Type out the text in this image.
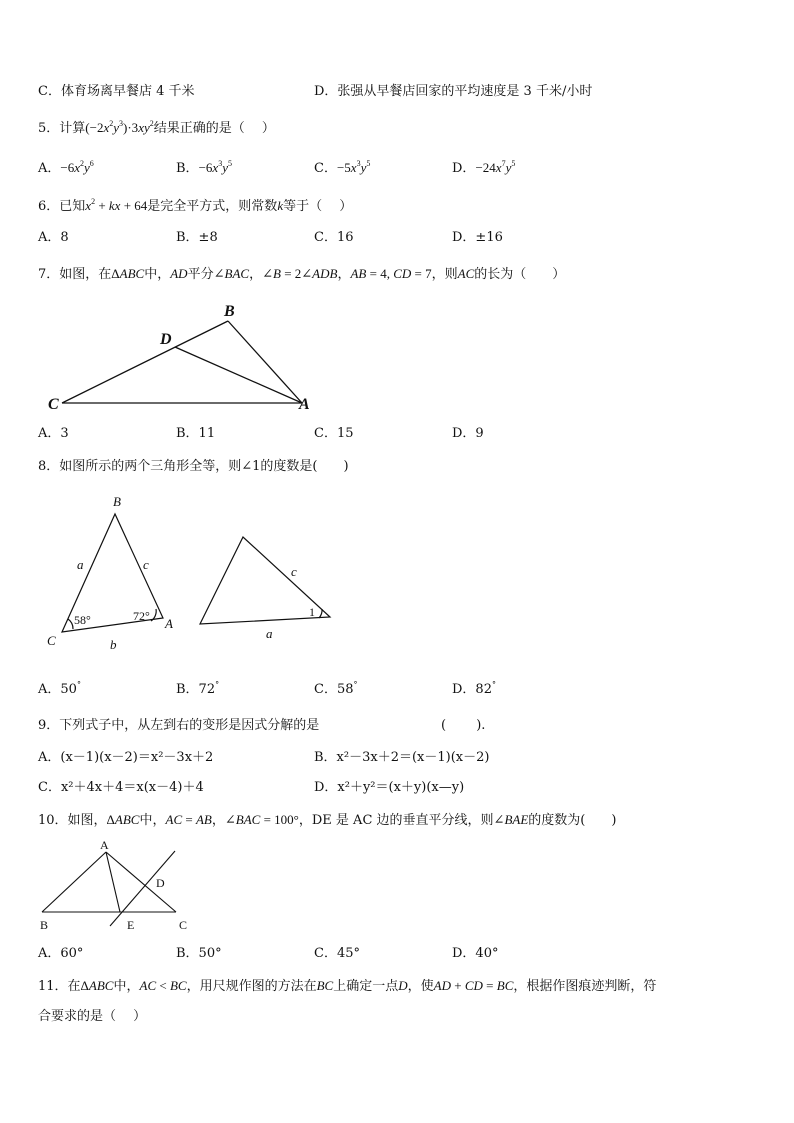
C．体育场离早餐店 4 千米	D．张强从早餐店回家的平均速度是 3 千米/小时
5．计算$(-2x^2y^3)\cdot 3xy^2$结果正确的是（　 ）
A．$-6x^2y^6$	B．$-6x^3y^5$	C．$-5x^3y^5$	D．$-24x^7y^5$
6．已知$x^2$ + kx + 64是完全平方式，则常数k等于（　 ）
A．8	B．±8	C．16	D．±16
7．如图，在ΔABC中，AD平分∠BAC，∠B = 2∠ADB，AB = 4, CD = 7，则AC的长为（　　）
B
D
C	A
A．3	B．11	C．15	D．9
8．如图所示的两个三角形全等，则∠1的度数是(　　)
B
C
A
a	c
b
c
a
58°	72°	1
A．50°	B．72°	C．58°	D．82°
9．下列式子中，从左到右的变形是因式分解的是	(　　 ).
A．(x－1)(x－2)＝x²－3x＋2	B．x²－3x＋2＝(x－1)(x－2)
C．x²＋4x＋4＝x(x－4)＋4	D．x²＋y²＝(x＋y)(x—y)
10．如图，ΔABC中，AC = AB，∠BAC = 100°，DE 是 AC 边的垂直平分线，则∠BAE的度数为(　　)
A
B	C
D
E
A．60°	B．50°	C．45°	D．40°
11．在ΔABC中，AC < BC，用尺规作图的方法在BC上确定一点D，使AD + CD = BC，根据作图痕迹判断，符
合要求的是（　 ）
